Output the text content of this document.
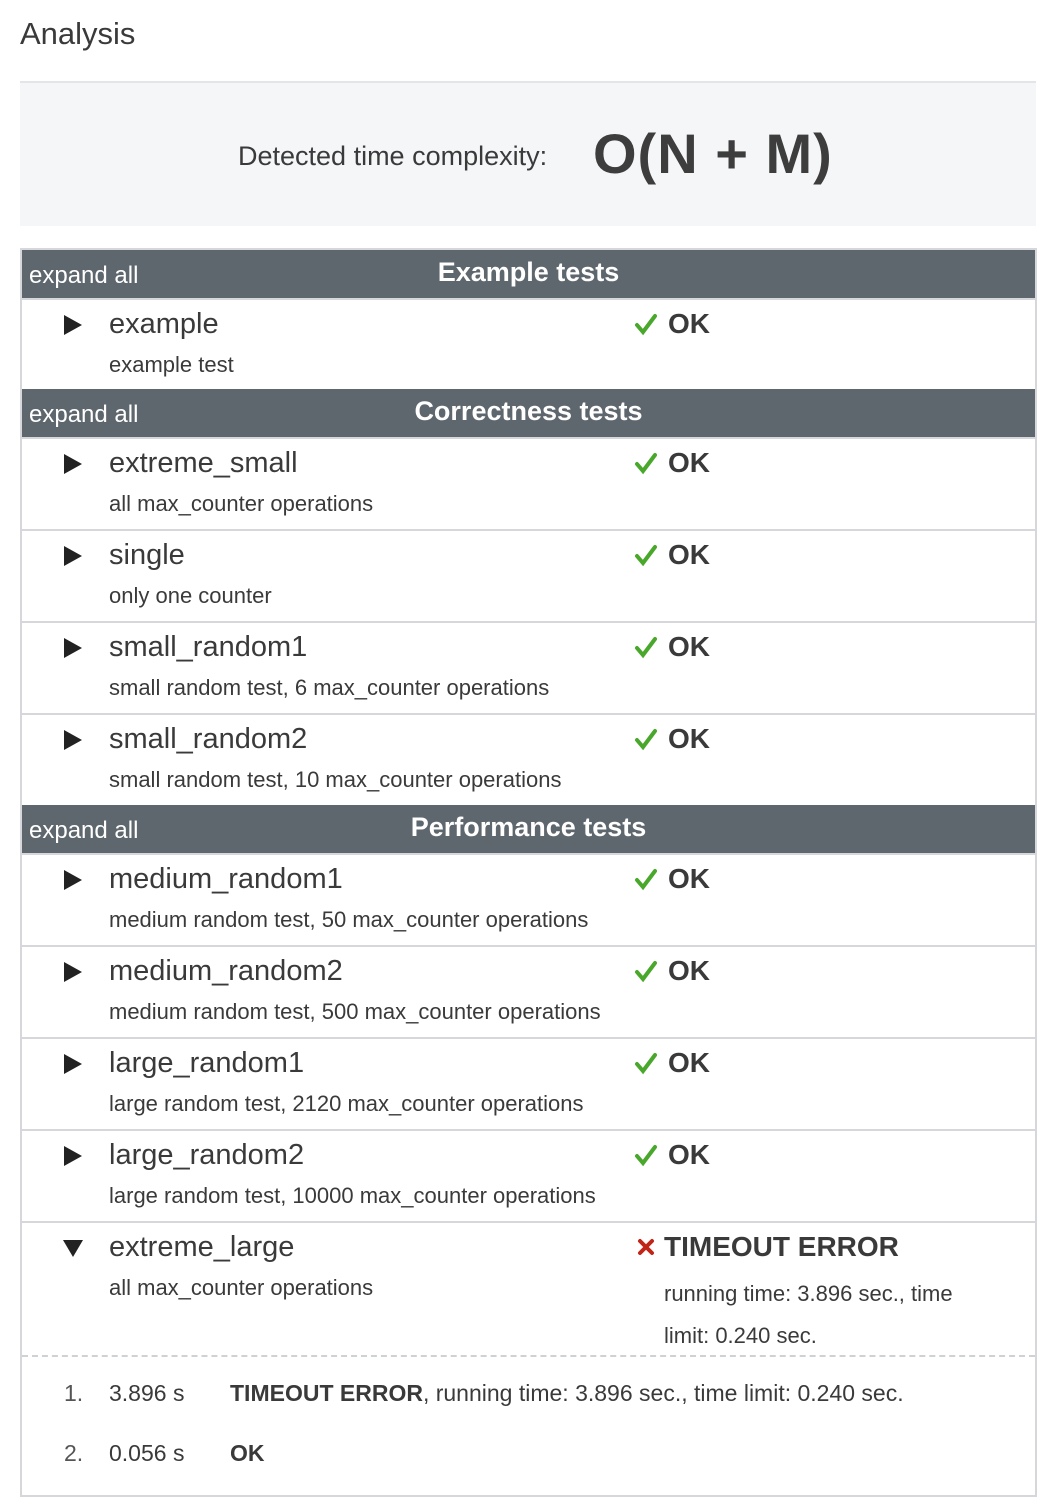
Analysis
Detected time complexity: O(N + M)
expand all	Example tests
example
example test
OK
expand all	Correctness tests
extreme_small
all max_counter operations
OK
single
only one counter
OK
small_random1
small random test, 6 max_counter operations
OK
small_random2
small random test, 10 max_counter operations
OK
expand all	Performance tests
medium_random1
medium random test, 50 max_counter operations
OK
medium_random2
medium random test, 500 max_counter operations
OK
large_random1
large random test, 2120 max_counter operations
OK
large_random2
large random test, 10000 max_counter operations
OK
extreme_large
all max_counter operations
TIMEOUT ERROR
running time: 3.896 sec., time limit: 0.240 sec.
1. 3.896 s TIMEOUT ERROR, running time: 3.896 sec., time limit: 0.240 sec.
2. 0.056 s OK
